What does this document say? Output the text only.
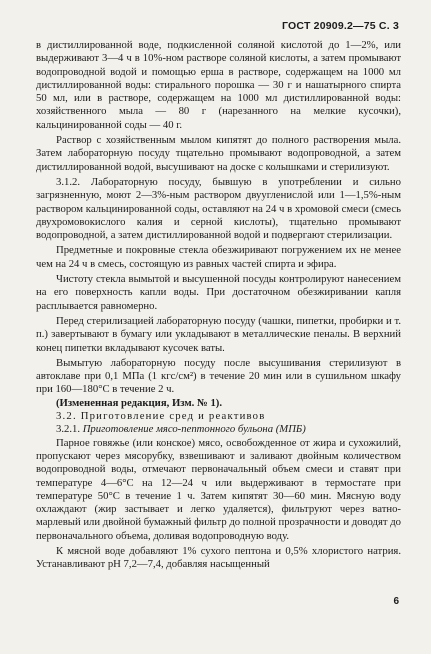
ГОСТ 20909.2—75 С. 3

в дистиллированной воде, подкисленной соляной кислотой до 1—2%, или выдерживают 3—4 ч в 10%-ном растворе соляной кислоты, а затем промывают водопроводной водой и помощью ерша в растворе, содержащем на 1000 мл дистиллированной воды: стирального порошка — 30 г и нашатырного спирта 50 мл, или в растворе, содержащем на 1000 мл дистиллированной воды: хозяйственного мыла — 80 г (нарезанного на мелкие кусочки), кальцинированной соды — 40 г.

Раствор с хозяйственным мылом кипятят до полного растворения мыла. Затем лабораторную посуду тщательно промывают водопроводной, а затем дистиллированной водой, высушивают на доске с колышками и стерилизуют.

3.1.2. Лабораторную посуду, бывшую в употреблении и сильно загрязненную, моют 2—3%-ным раствором двуугленислой или 1—1,5%-ным раствором кальцинированной соды, оставляют на 24 ч в хромовой смеси (смесь двухромовокислого калия и серной кислоты), тщательно промывают водопроводной, а затем дистиллированной водой и подвергают стерилизации.

Предметные и покровные стекла обезжиривают погружением их не менее чем на 24 ч в смесь, состоящую из равных частей спирта и эфира.

Чистоту стекла вымытой и высушенной посуды контролируют нанесением на его поверхность капли воды. При достаточном обезжиривании капля расплывается равномерно.

Перед стерилизацией лабораторную посуду (чашки, пипетки, пробирки и т. п.) завертывают в бумагу или укладывают в металлические пеналы. В верхний конец пипетки вкладывают кусочек ваты.

Вымытую лабораторную посуду после высушивания стерилизуют в автоклаве при 0,1 МПа (1 кгс/см²) в течение 20 мин или в сушильном шкафу при 160—180°С в течение 2 ч.

(Измененная редакция, Изм. № 1).

3.2. Приготовление сред и реактивов

3.2.1. Приготовление мясо-пептонного бульона (МПБ)

Парное говяжье (или конское) мясо, освобожденное от жира и сухожилий, пропускают через мясорубку, взвешивают и заливают двойным количеством водопроводной воды, отмечают первоначальный объем смеси и ставят при температуре 4—6°С на 12—24 ч или выдерживают в термостате при температуре 50°С в течение 1 ч. Затем кипятят 30—60 мин. Мясную воду охлаждают (жир застывает и легко удаляется), фильтруют через ватно-марлевый или двойной бумажный фильтр до полной прозрачности и доводят до первоначального объема, доливая водопроводную воду.

К мясной воде добавляют 1% сухого пептона и 0,5% хлористого натрия. Устанавливают рН 7,2—7,4, добавляя насыщенный

6
